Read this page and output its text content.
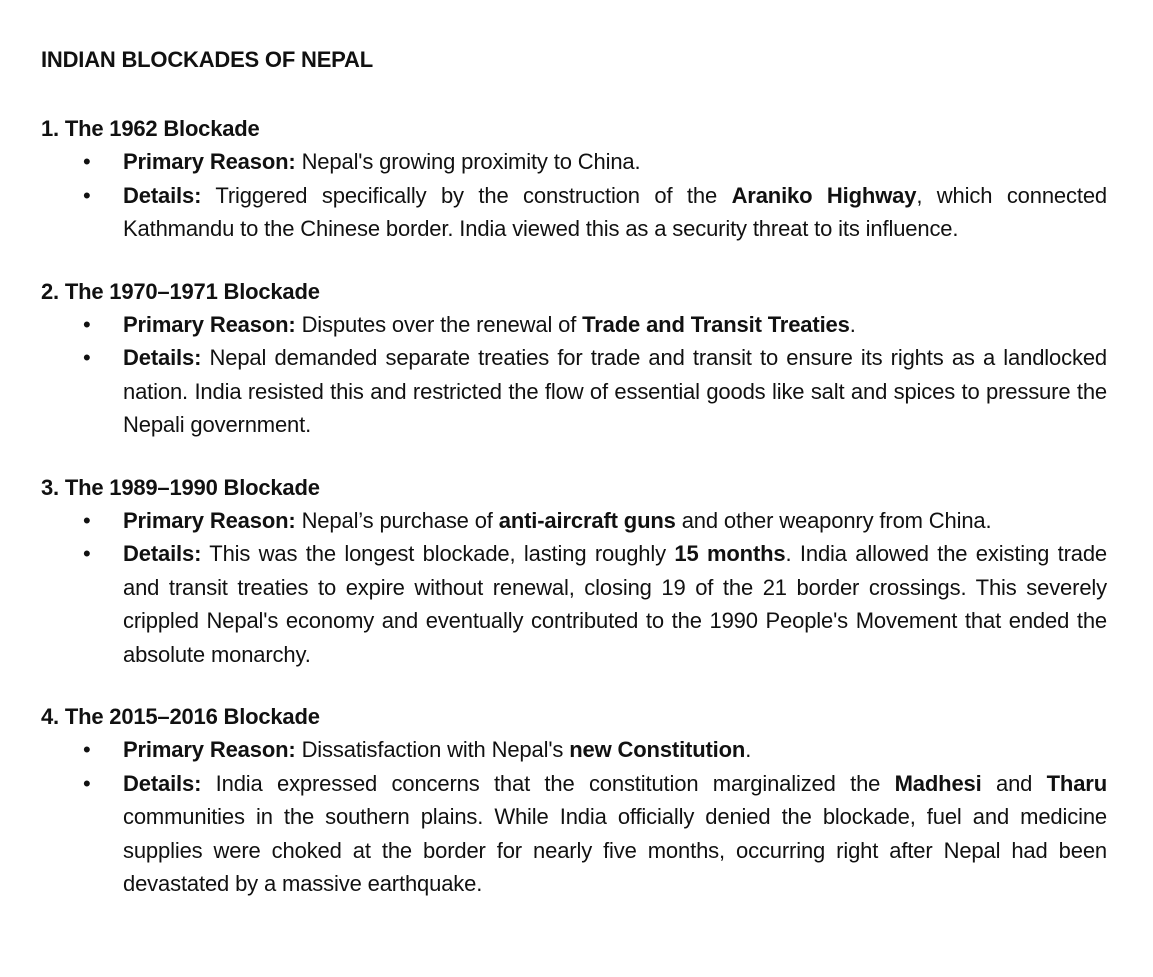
INDIAN BLOCKADES OF NEPAL
1. The 1962 Blockade
• Primary Reason: Nepal's growing proximity to China.
• Details: Triggered specifically by the construction of the Araniko Highway, which connected Kathmandu to the Chinese border. India viewed this as a security threat to its influence.
2. The 1970–1971 Blockade
• Primary Reason: Disputes over the renewal of Trade and Transit Treaties.
• Details: Nepal demanded separate treaties for trade and transit to ensure its rights as a landlocked nation. India resisted this and restricted the flow of essential goods like salt and spices to pressure the Nepali government.
3. The 1989–1990 Blockade
• Primary Reason: Nepal’s purchase of anti-aircraft guns and other weaponry from China.
• Details: This was the longest blockade, lasting roughly 15 months. India allowed the existing trade and transit treaties to expire without renewal, closing 19 of the 21 border crossings. This severely crippled Nepal's economy and eventually contributed to the 1990 People's Movement that ended the absolute monarchy.
4. The 2015–2016 Blockade
• Primary Reason: Dissatisfaction with Nepal's new Constitution.
• Details: India expressed concerns that the constitution marginalized the Madhesi and Tharu communities in the southern plains. While India officially denied the blockade, fuel and medicine supplies were choked at the border for nearly five months, occurring right after Nepal had been devastated by a massive earthquake.
